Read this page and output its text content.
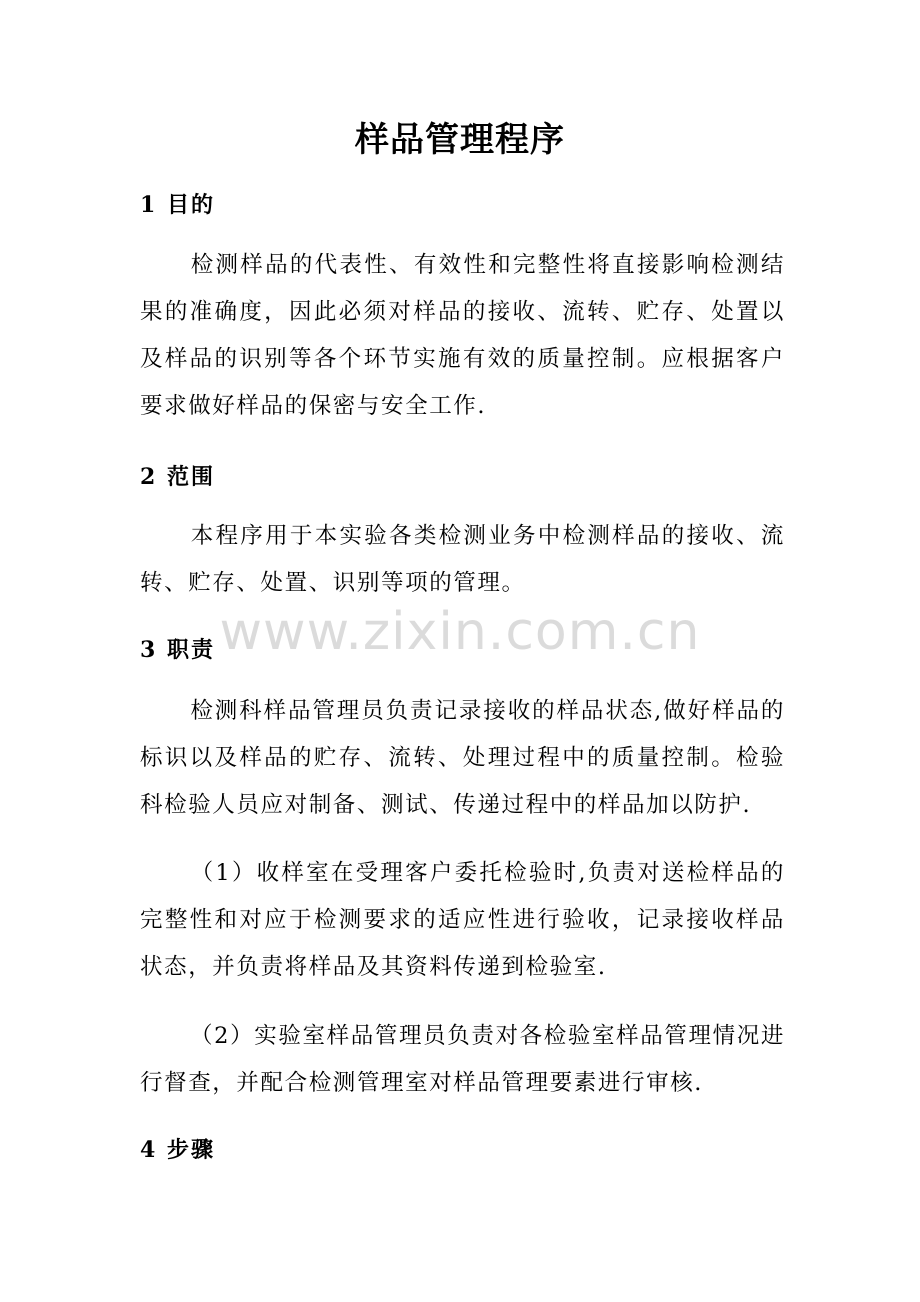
样品管理程序
1 目的
检测样品的代表性、有效性和完整性将直接影响检测结果的准确度，因此必须对样品的接收、流转、贮存、处置以及样品的识别等各个环节实施有效的质量控制。应根据客户要求做好样品的保密与安全工作.
2 范围
本程序用于本实验各类检测业务中检测样品的接收、流转、贮存、处置、识别等项的管理。
3 职责
检测科样品管理员负责记录接收的样品状态,做好样品的标识以及样品的贮存、流转、处理过程中的质量控制。检验科检验人员应对制备、测试、传递过程中的样品加以防护.
（1）收样室在受理客户委托检验时,负责对送检样品的完整性和对应于检测要求的适应性进行验收，记录接收样品状态，并负责将样品及其资料传递到检验室.
（2）实验室样品管理员负责对各检验室样品管理情况进行督查，并配合检测管理室对样品管理要素进行审核.
4 步骤
www.zixin.com.cn
